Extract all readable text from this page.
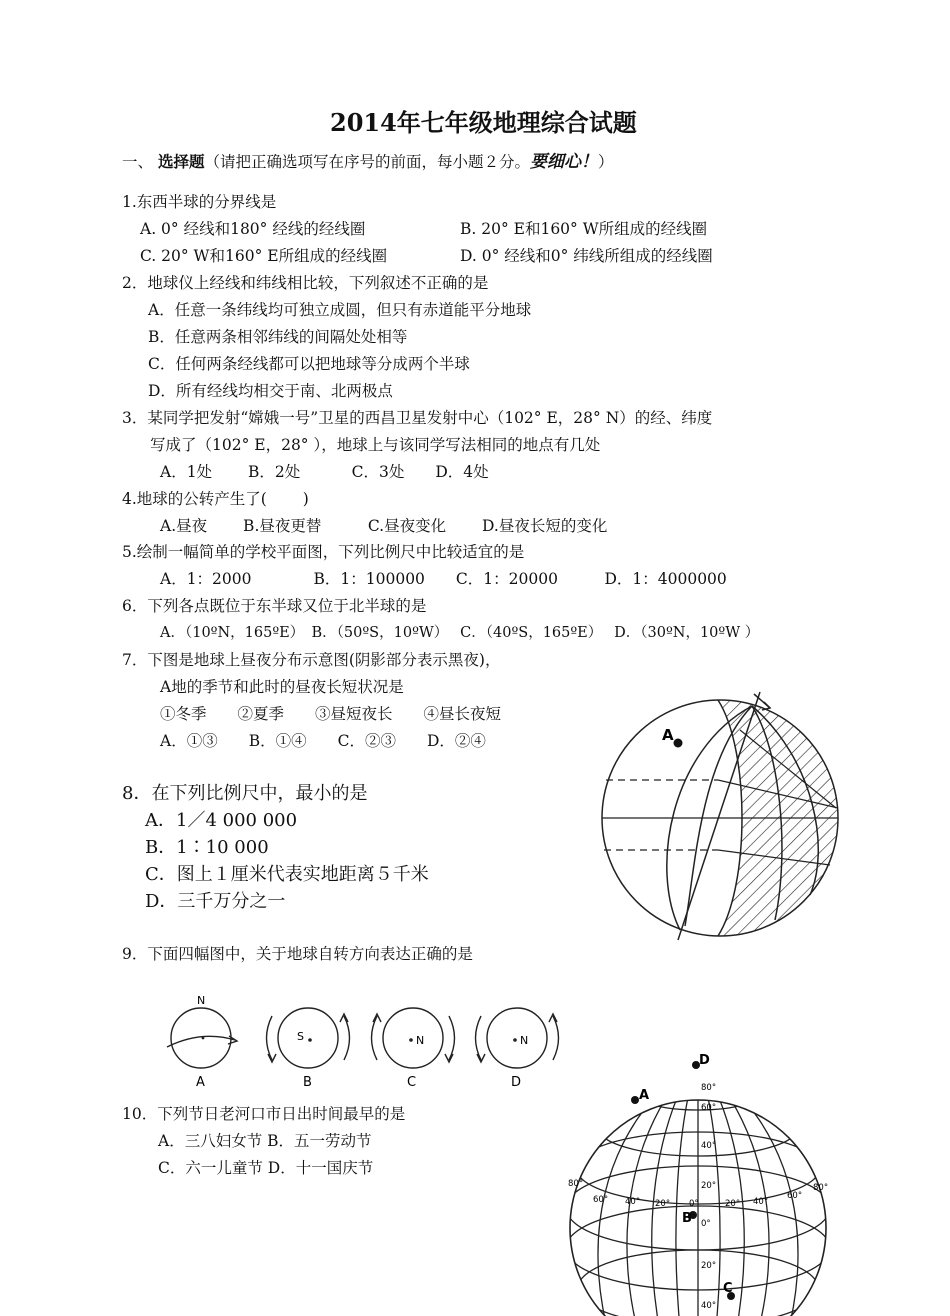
2014年七年级地理综合试题
一、 选择题（请把正确选项写在序号的前面，每小题２分。要细心！）
1.东西半球的分界线是
A. 0° 经线和180° 经线的经线圈	B. 20° E和160° W所组成的经线圈
C. 20° W和160° E所组成的经线圈	D. 0° 经线和0° 纬线所组成的经线圈
2．地球仪上经线和纬线相比较，下列叙述不正确的是
A．任意一条纬线均可独立成圆，但只有赤道能平分地球
B．任意两条相邻纬线的间隔处处相等
C．任何两条经线都可以把地球等分成两个半球
D．所有经线均相交于南、北两极点
3．某同学把发射“嫦娥一号”卫星的西昌卫星发射中心（102° E，28° N）的经、纬度
写成了（102° E，28° ），地球上与该同学写法相同的地点有几处
A．1处　　 B．2处　　　 C．3处　　D．4处
4.地球的公转产生了(　　 )
A.昼夜　　 B.昼夜更替　　　C.昼夜变化　　 D.昼夜长短的变化
5.绘制一幅简单的学校平面图，下列比例尺中比较适宜的是
A．1：2000　　　　B．1：100000　　C．1：20000　　　D．1：4000000
6．下列各点既位于东半球又位于北半球的是
A．（10ºN，165ºE）　B．（50ºS，10ºW）　 C．（40ºS，165ºE）　 D．（30ºN，10ºW ）
7．下图是地球上昼夜分布示意图(阴影部分表示黑夜)，
A地的季节和此时的昼夜长短状况是
①冬季　　②夏季　　③昼短夜长　　④昼长夜短
A．①③　　B．①④　　C．②③　　D．②④
8．在下列比例尺中，最小的是
A．1／4 000 000
B．1∶10 000
C．图上１厘米代表实地距离５千米
D．三千万分之一
9．下面四幅图中，关于地球自转方向表达正确的是
N
S	N	N
A	B	C	D
10．下列节日老河口市日出时间最早的是
A．三八妇女节 B．五一劳动节
C．六一儿童节 D．十一国庆节
A
D
A
B
C
80°
60°
40°
20°
0°
20°
40°
80°
60° 40° 20° 0°	20° 40°
60°
80°
